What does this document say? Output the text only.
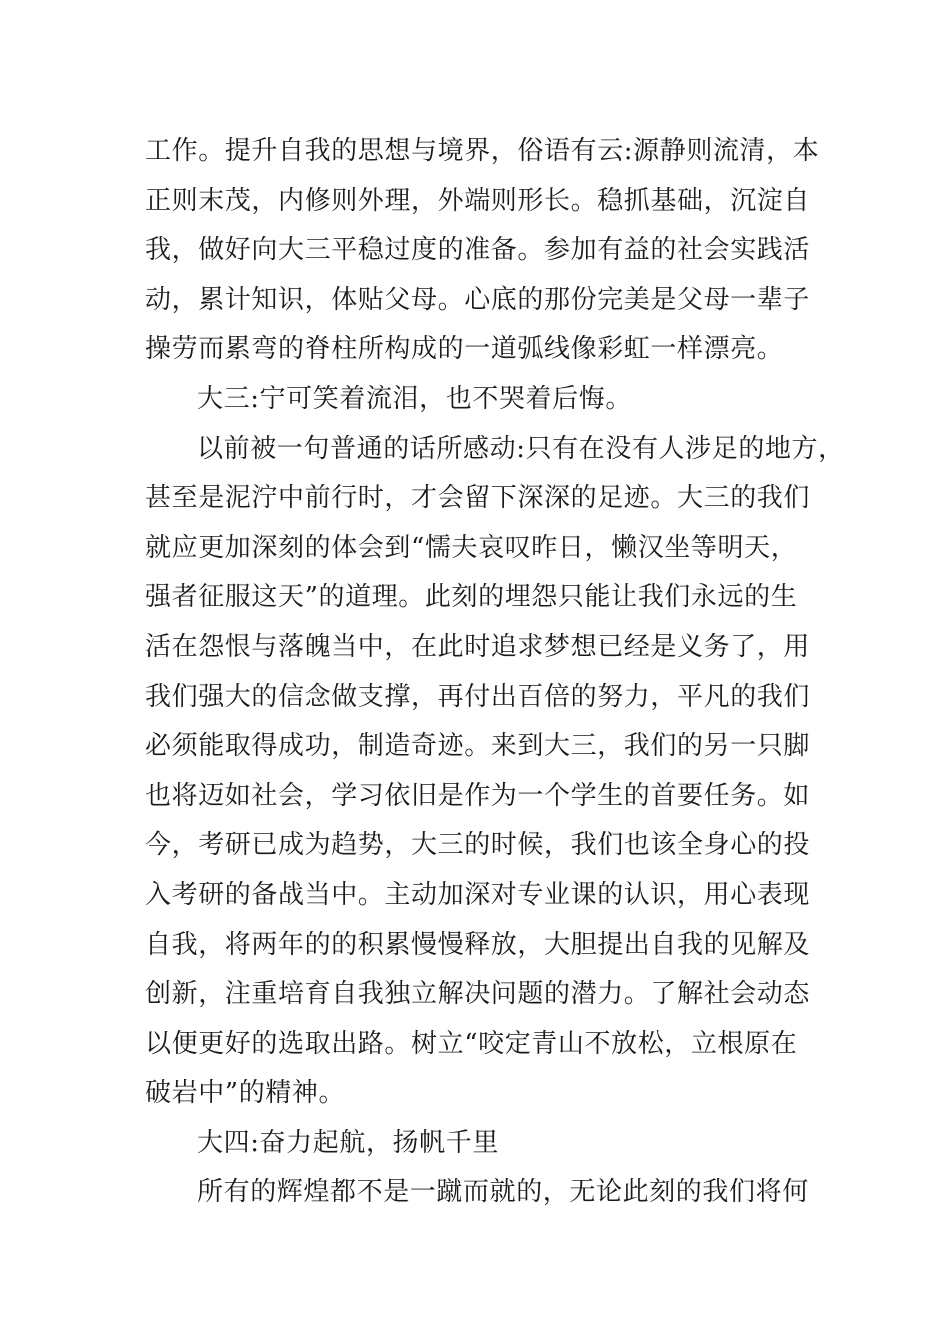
工作。提升自我的思想与境界，俗语有云:源静则流清，本
正则末茂，内修则外理，外端则形长。稳抓基础，沉淀自
我，做好向大三平稳过度的准备。参加有益的社会实践活
动，累计知识，体贴父母。心底的那份完美是父母一辈子
操劳而累弯的脊柱所构成的一道弧线像彩虹一样漂亮。
大三:宁可笑着流泪，也不哭着后悔。
以前被一句普通的话所感动:只有在没有人涉足的地方，
甚至是泥泞中前行时，才会留下深深的足迹。大三的我们
就应更加深刻的体会到“懦夫哀叹昨日，懒汉坐等明天，
强者征服这天”的道理。此刻的埋怨只能让我们永远的生
活在怨恨与落魄当中，在此时追求梦想已经是义务了，用
我们强大的信念做支撑，再付出百倍的努力，平凡的我们
必须能取得成功，制造奇迹。来到大三，我们的另一只脚
也将迈如社会，学习依旧是作为一个学生的首要任务。如
今，考研已成为趋势，大三的时候，我们也该全身心的投
入考研的备战当中。主动加深对专业课的认识，用心表现
自我，将两年的的积累慢慢释放，大胆提出自我的见解及
创新，注重培育自我独立解决问题的潜力。了解社会动态
以便更好的选取出路。树立“咬定青山不放松，立根原在
破岩中”的精神。
大四:奋力起航，扬帆千里
所有的辉煌都不是一蹴而就的，无论此刻的我们将何
